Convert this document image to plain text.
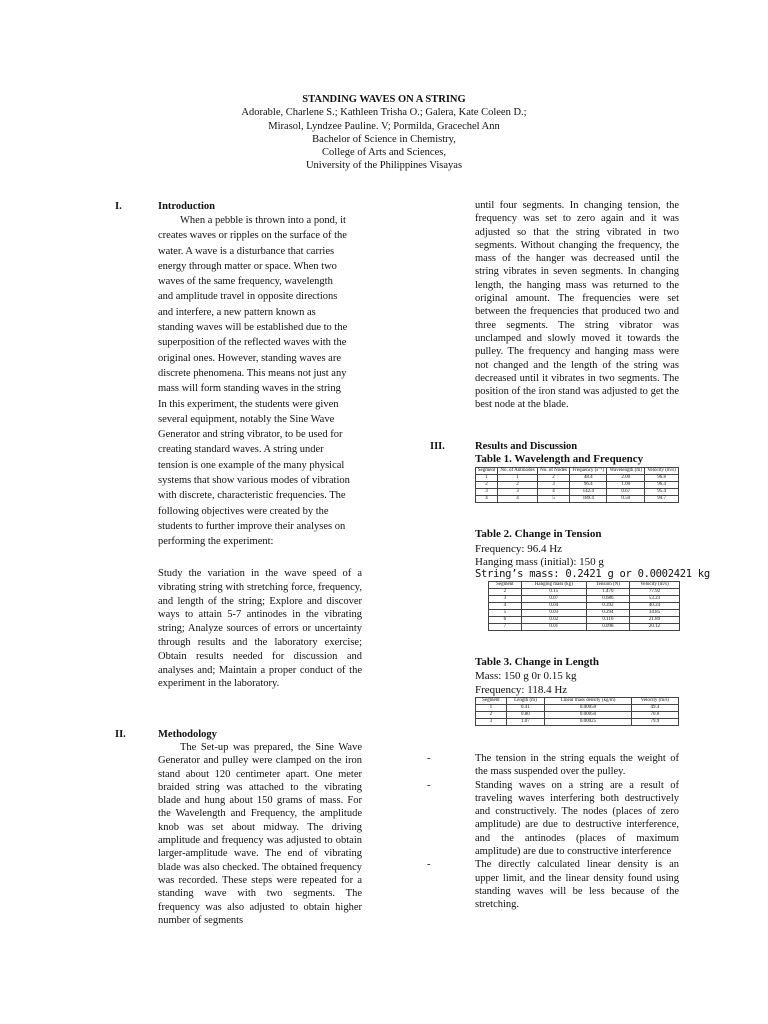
STANDING WAVES ON A STRING
Adorable, Charlene S.; Kathleen Trisha O.; Galera, Kate Coleen D.;
Mirasol, Lyndzee Pauline. V; Pormilda, Gracechel Ann
Bachelor of Science in Chemistry,
College of Arts and Sciences,
University of the Philippines Visayas
I.	Introduction
When a pebble is thrown into a pond, it
creates waves or ripples on the surface of the
water. A wave is a disturbance that carries
energy through matter or space. When two
waves of the same frequency, wavelength
and amplitude travel in opposite directions
and interfere, a new pattern known as
standing waves will be established due to the
superposition of the reflected waves with the
original ones. However, standing waves are
discrete phenomena. This means not just any
mass will form standing waves in the string
In this experiment, the students were given
several equipment, notably the Sine Wave
Generator and string vibrator, to be used for
creating standard waves. A string under
tension is one example of the many physical
systems that show various modes of vibration
with discrete, characteristic frequencies. The
following objectives were created by the
students to further improve their analyses on
performing the experiment:
Study the variation in the wave speed of a vibrating string with stretching force, frequency, and length of the string; Explore and discover ways to attain 5-7 antinodes in the vibrating string; Analyze sources of errors or uncertainty through results and the laboratory exercise; Obtain results needed for discussion and analyses and; Maintain a proper conduct of the experiment in the laboratory.
II.	Methodology
The Set-up was prepared, the Sine Wave Generator and pulley were clamped on the iron stand about 120 centimeter apart. One meter braided string was attached to the vibrating blade and hung about 150 grams of mass. For the Wavelength and Frequency, the amplitude knob was set about midway. The driving amplitude and frequency was adjusted to obtain larger-amplitude wave. The end of vibrating blade was also checked. The obtained frequency was recorded. These steps were repeated for a standing wave with two segments. The frequency was also adjusted to obtain higher number of segments
until four segments. In changing tension, the frequency was set to zero again and it was adjusted so that the string vibrated in two segments. Without changing the frequency, the mass of the hanger was decreased until the string vibrates in seven segments. In changing length, the hanging mass was returned to the original amount. The frequencies were set between the frequencies that produced two and three segments. The string vibrator was unclamped and slowly moved it towards the pulley. The frequency and hanging mass were not changed and the length of the string was decreased until it vibrates in two segments. The position of the iron stand was adjusted to get the best node at the blade.
III.	Results and Discussion
Table 1. Wavelength and Frequency
Segment	No. of Antinodes	No. of Nodes	Frequency (s⁻¹)	Wavelength (m)	Velocity (m/s)
1	1	2	48.4	2.00	96.8
2	2	3	96.4	1.00	96.4
3	3	4	142.4	0.67	95.4
4	4	5	189.4	0.50	94.7
Table 2. Change in Tension
Frequency: 96.4 Hz
Hanging mass (initial): 150 g
String’s mass: 0.2421 g or 0.0002421 kg
Segment	Hanging mass (kg)	Tension (N)	Velocity (m/s)
2	0.15	1.470	77.92
3	0.07	0.686	53.23
4	0.04	0.392	40.24
5	0.03	0.294	34.85
6	0.02	0.116	21.89
7	0.01	0.098	20.12
Table 3. Change in Length
Mass: 150 g 0r 0.15 kg
Frequency: 118.4 Hz
Segment	Length (m)	Linear mass density (kg/m)	Velocity (m/s)
1	0.41	0.00050	49.4
2	0.80	0.00050	70.0
3	1.07	0.00025	79.9
-	The tension in the string equals the weight of the mass suspended over the pulley.
-	Standing waves on a string are a result of traveling waves interfering both destructively and constructively. The nodes (places of zero amplitude) are due to destructive interference, and the antinodes (places of maximum amplitude) are due to constructive interference
-	The directly calculated linear density is an upper limit, and the linear density found using standing waves will be less because of the stretching.
